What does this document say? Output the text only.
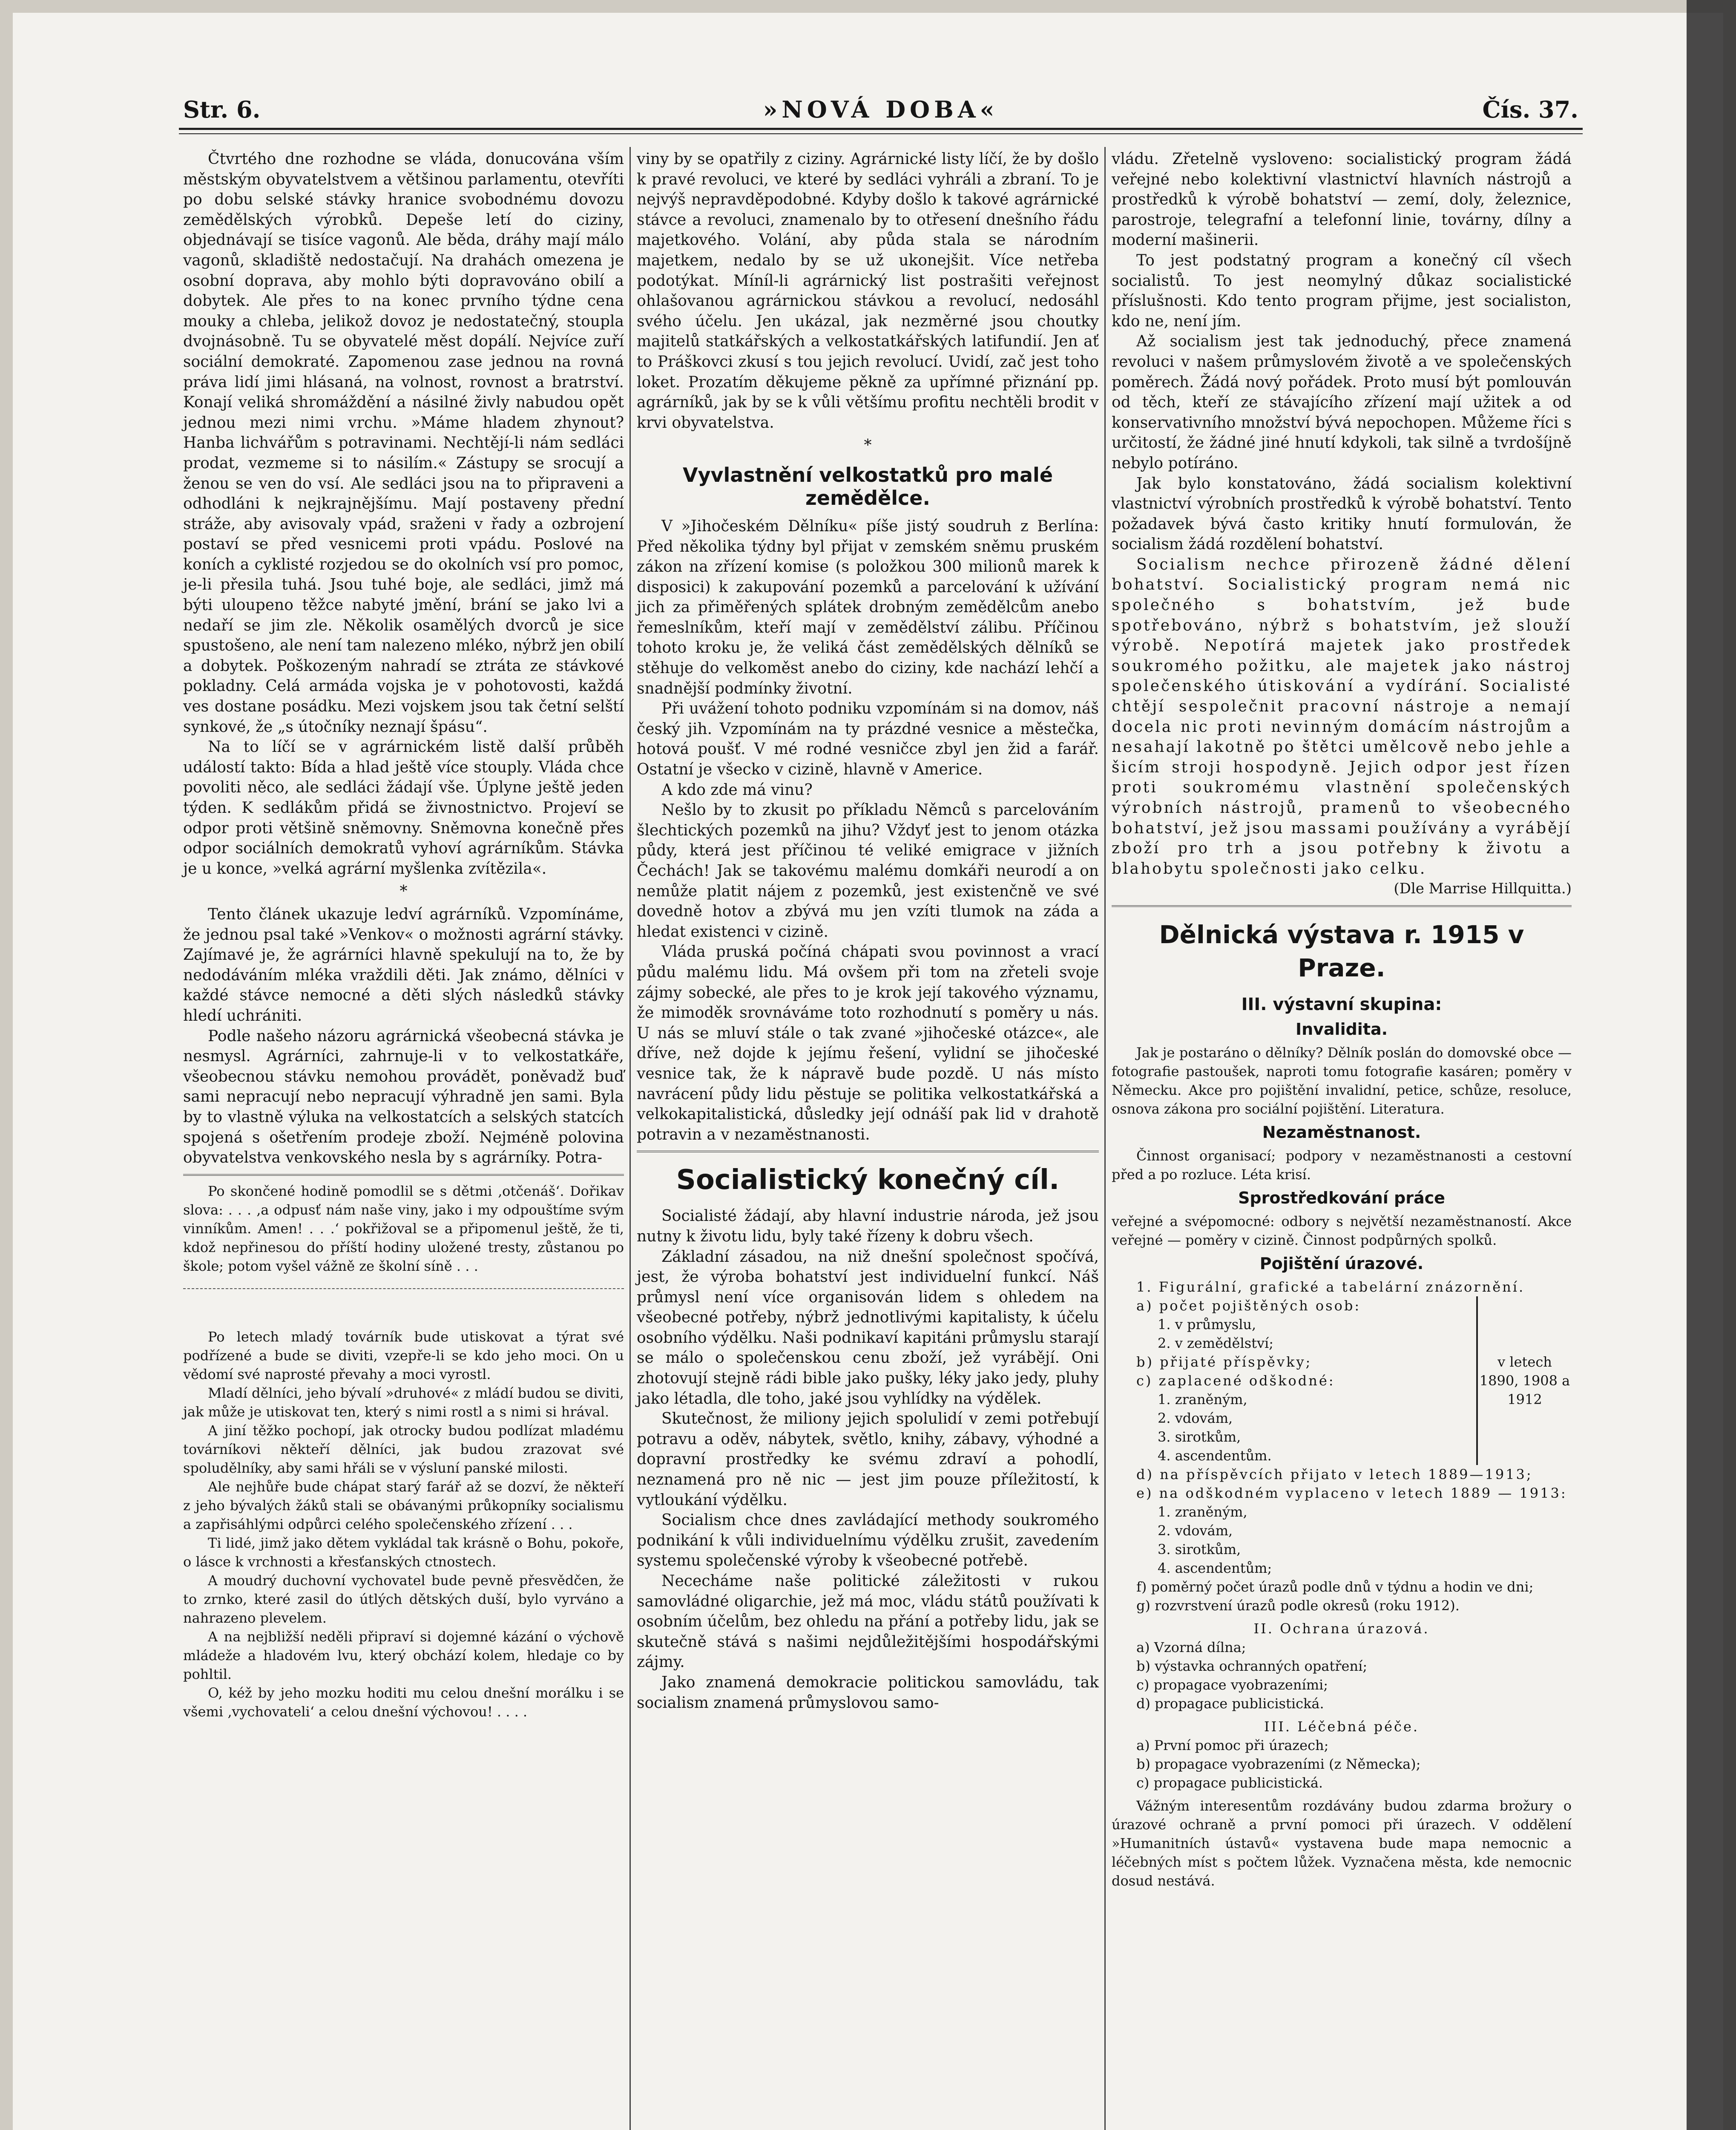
Str. 6.	»NOVÁ DOBA«	Čís. 37.

Čtvrtého dne rozhodne se vláda, donucována vším městským obyvatelstvem a většinou parlamentu, otevříti po dobu selské stávky hranice svobodnému dovozu zemědělských výrobků. Depeše letí do ciziny, objednávají se tisíce vagonů. Ale běda, dráhy mají málo vagonů, skladiště nedostačují. Na drahách omezena je osobní doprava, aby mohlo býti dopravováno obilí a dobytek. Ale přes to na konec prvního týdne cena mouky a chleba, jelikož dovoz je nedostatečný, stoupla dvojnásobně. Tu se obyvatelé měst dopálí. Nejvíce zuří sociální demokraté. Zapomenou zase jednou na rovná práva lidí jimi hlásaná, na volnost, rovnost a bratrství. Konají veliká shromáždění a násilné živly nabudou opět jednou mezi nimi vrchu. »Máme hladem zhynout? Hanba lichvářům s potravinami. Nechtějí-li nám sedláci prodat, vezmeme si to násilím.« Zástupy se srocují a ženou se ven do vsí. Ale sedláci jsou na to připraveni a odhodláni k nejkrajnějšímu. Mají postaveny přední stráže, aby avisovaly vpád, sraženi v řady a ozbrojení postaví se před vesnicemi proti vpádu. Poslové na koních a cyklisté rozjedou se do okolních vsí pro pomoc, je-li přesila tuhá. Jsou tuhé boje, ale sedláci, jimž má býti uloupeno těžce nabyté jmění, brání se jako lvi a nedaří se jim zle. Několik osamělých dvorců je sice spustošeno, ale není tam nalezeno mléko, nýbrž jen obilí a dobytek. Poškozeným nahradí se ztráta ze stávkové pokladny. Celá armáda vojska je v pohotovosti, každá ves dostane posádku. Mezi vojskem jsou tak četní selští synkové, že „s útočníky neznají špásu“.

Na to líčí se v agrárnickém listě další průběh událostí takto: Bída a hlad ještě více stouply. Vláda chce povoliti něco, ale sedláci žádají vše. Úplyne ještě jeden týden. K sedlákům přidá se živnostnictvo. Projeví se odpor proti většině sněmovny. Sněmovna konečně přes odpor sociálních demokratů vyhoví agrárníkům. Stávka je u konce, »velká agrární myšlenka zvítězila«.

*

Tento článek ukazuje ledví agrárníků. Vzpomínáme, že jednou psal také »Venkov« o možnosti agrární stávky. Zajímavé je, že agrárníci hlavně spekulují na to, že by nedodáváním mléka vraždili děti. Jak známo, dělníci v každé stávce nemocné a děti slých následků stávky hledí uchrániti.

Podle našeho názoru agrárnická všeobecná stávka je nesmysl. Agrárníci, zahrnuje-li v to velkostatkáře, všeobecnou stávku nemohou provádět, poněvadž buď sami nepracují nebo nepracují výhradně jen sami. Byla by to vlastně výluka na velkostatcích a selských statcích spojená s ošetřením prodeje zboží. Nejméně polovina obyvatelstva venkovského nesla by s agrárníky. Potra-

Po skončené hodině pomodlil se s dětmi ‚otčenáš‘. Dořikav slova: . . . ‚a odpusť nám naše viny, jako i my odpouštíme svým vinníkům. Amen! . . .‘ pokřižoval se a připomenul ještě, že ti, kdož nepřinesou do příští hodiny uložené tresty, zůstanou po škole; potom vyšel vážně ze školní síně . . .

Po letech mladý továrník bude utiskovat a týrat své podřízené a bude se diviti, vzepře-li se kdo jeho moci. On u vědomí své naprosté převahy a moci vyrostl.

Mladí dělníci, jeho bývalí »druhové« z mládí budou se diviti, jak může je utiskovat ten, který s nimi rostl a s nimi si hrával.

A jiní těžko pochopí, jak otrocky budou podlízat mladému továrníkovi někteří dělníci, jak budou zrazovat své spoludělníky, aby sami hřáli se v výsluní panské milosti.

Ale nejhůře bude chápat starý farář až se dozví, že někteří z jeho bývalých žáků stali se obávanými průkopníky socialismu a zapřisáhlými odpůrci celého společenského zřízení . . .

Ti lidé, jimž jako dětem vykládal tak krásně o Bohu, pokoře, o lásce k vrchnosti a křesťanských ctnostech.

A moudrý duchovní vychovatel bude pevně přesvědčen, že to zrnko, které zasil do útlých dětských duší, bylo vyrváno a nahrazeno plevelem.

A na nejbližší neděli připraví si dojemné kázání o výchově mládeže a hladovém lvu, který obchází kolem, hledaje co by pohltil.

O, kéž by jeho mozku hoditi mu celou dnešní morálku i se všemi ‚vychovateli‘ a celou dnešní výchovou! . . . .

viny by se opatřily z ciziny. Agrárnické listy líčí, že by došlo k pravé revoluci, ve které by sedláci vyhráli a zbraní. To je nejvýš nepravděpodobné. Kdyby došlo k takové agrárnické stávce a revoluci, znamenalo by to otřesení dnešního řádu majetkového. Volání, aby půda stala se národním majetkem, nedalo by se už ukonejšit. Více netřeba podotýkat. Míníl-li agrárnický list postrašiti veřejnost ohlašovanou agrárnickou stávkou a revolucí, nedosáhl svého účelu. Jen ukázal, jak nezměrné jsou choutky majitelů statkářských a velkostatkářských latifundií. Jen ať to Práškovci zkusí s tou jejich revolucí. Uvidí, zač jest toho loket. Prozatím děkujeme pěkně za upřímné přiznání pp. agrárníků, jak by se k vůli většímu profitu nechtěli brodit v krvi obyvatelstva.

*
Vyvlastnění velkostatků pro malé zemědělce.

V »Jihočeském Dělníku« píše jistý soudruh z Berlína: Před několika týdny byl přijat v zemském sněmu pruském zákon na zřízení komise (s položkou 300 milionů marek k disposici) k zakupování pozemků a parcelování k užívání jich za přiměřených splátek drobným zemědělcům anebo řemeslníkům, kteří mají v zemědělství zálibu. Příčinou tohoto kroku je, že veliká část zemědělských dělníků se stěhuje do velkoměst anebo do ciziny, kde nachází lehčí a snadnější podmínky životní.

Při uvážení tohoto podniku vzpomínám si na domov, náš český jih. Vzpomínám na ty prázdné vesnice a městečka, hotová poušť. V mé rodné vesničce zbyl jen žid a farář. Ostatní je všecko v cizině, hlavně v Americe.

A kdo zde má vinu?

Nešlo by to zkusit po příkladu Němců s parcelováním šlechtických pozemků na jihu? Vždyť jest to jenom otázka půdy, která jest příčinou té veliké emigrace v jižních Čechách! Jak se takovému malému domkáři neurodí a on nemůže platit nájem z pozemků, jest existenčně ve své dovedně hotov a zbývá mu jen vzíti tlumok na záda a hledat existenci v cizině.

Vláda pruská počíná chápati svou povinnost a vrací půdu malému lidu. Má ovšem při tom na zřeteli svoje zájmy sobecké, ale přes to je krok její takového významu, že mimoděk srovnáváme toto rozhodnutí s poměry u nás. U nás se mluví stále o tak zvané »jihočeské otázce«, ale dříve, než dojde k jejímu řešení, vylidní se jihočeské vesnice tak, že k nápravě bude pozdě. U nás místo navrácení půdy lidu pěstuje se politika velkostatkářská a velkokapitalistická, důsledky její odnáší pak lid v drahotě potravin a v nezaměstnanosti.

Socialistický konečný cíl.

Socialisté žádají, aby hlavní industrie národa, jež jsou nutny k životu lidu, byly také řízeny k dobru všech.

Základní zásadou, na niž dnešní společnost spočívá, jest, že výroba bohatství jest individuelní funkcí. Náš průmysl není více organisován lidem s ohledem na všeobecné potřeby, nýbrž jednotlivými kapitalisty, k účelu osobního výdělku. Naši podnikaví kapitáni průmyslu starají se málo o společenskou cenu zboží, jež vyrábějí. Oni zhotovují stejně rádi bible jako pušky, léky jako jedy, pluhy jako létadla, dle toho, jaké jsou vyhlídky na výdělek.

Skutečnost, že miliony jejich spolulidí v zemi potřebují potravu a oděv, nábytek, světlo, knihy, zábavy, výhodné a dopravní prostředky ke svému zdraví a pohodlí, neznamená pro ně nic — jest jim pouze příležitostí, k vytloukání výdělku.

Socialism chce dnes zavládající methody soukromého podnikání k vůli individuelnímu výdělku zrušit, zavedením systemu společenské výroby k všeobecné potřebě.

Nececháme naše politické záležitosti v rukou samovládné oligarchie, jež má moc, vládu států používati k osobním účelům, bez ohledu na přání a potřeby lidu, jak se skutečně stává s našimi nejdůležitějšími hospodářskými zájmy.

Jako znamená demokracie politickou samovládu, tak socialism znamená průmyslovou samo-

vládu. Zřetelně vysloveno: socialistický program žádá veřejné nebo kolektivní vlastnictví hlavních nástrojů a prostředků k výrobě bohatství — zemí, doly, železnice, parostroje, telegrafní a telefonní linie, továrny, dílny a moderní mašinerii.

To jest podstatný program a konečný cíl všech socialistů. To jest neomylný důkaz socialistické příslušnosti. Kdo tento program přijme, jest socialiston, kdo ne, není jím.

Až socialism jest tak jednoduchý, přece znamená revoluci v našem průmyslovém životě a ve společenských poměrech. Žádá nový pořádek. Proto musí být pomlouván od těch, kteří ze stávajícího zřízení mají užitek a od konservativního množství bývá nepochopen. Můžeme říci s určitostí, že žádné jiné hnutí kdykoli, tak silně a tvrdošíjně nebylo potíráno.

Jak bylo konstatováno, žádá socialism kolektivní vlastnictví výrobních prostředků k výrobě bohatství. Tento požadavek bývá často kritiky hnutí formulován, že socialism žádá rozdělení bohatství.

Socialism nechce přirozeně žádné dělení bohatství. Socialistický program nemá nic společného s bohatstvím, jež bude spotřebováno, nýbrž s bohatstvím, jež slouží výrobě. Nepotírá majetek jako prostředek soukromého požitku, ale majetek jako nástroj společenského útiskování a vydírání. Socialisté chtějí sespolečnit pracovní nástroje a nemají docela nic proti nevinným domácím nástrojům a nesahají lakotně po štětci umělcově nebo jehle a šicím stroji hospodyně. Jejich odpor jest řízen proti soukromému vlastnění společenských výrobních nástrojů, pramenů to všeobecného bohatství, jež jsou massami používány a vyrábějí zboží pro trh a jsou potřebny k životu a blahobytu společnosti jako celku.

(Dle Marrise Hillquitta.)
Dělnická výstava r. 1915 v Praze.
III. výstavní skupina:
Invalidita.

Jak je postaráno o dělníky? Dělník poslán do domovské obce — fotografie pastoušek, naproti tomu fotografie kasáren; poměry v Německu. Akce pro pojištění invalidní, petice, schůze, resoluce, osnova zákona pro sociální pojištění. Literatura.

Nezaměstnanost.

Činnost organisací; podpory v nezaměstnanosti a cestovní před a po rozluce. Léta krisí.

Sprostředkování práce

veřejné a svépomocné: odbory s největší nezaměstnaností. Akce veřejné — poměry v cizině. Činnost podpůrných spolků.

Pojištění úrazové.

1. Figurální, grafické a tabelární znázornění.

a) počet pojištěných osob:

1. v průmyslu,

2. v zemědělství;

b) přijaté příspěvky;

c) zaplacené odškodné:

1. zraněným,

2. vdovám,

3. sirotkům,

4. ascendentům.

v letech 1890, 1908 a 1912

d) na příspěvcích přijato v letech 1889—1913;

e) na odškodném vyplaceno v letech 1889 — 1913:

1. zraněným,

2. vdovám,

3. sirotkům,

4. ascendentům;

f) poměrný počet úrazů podle dnů v týdnu a hodin ve dni;

g) rozvrstvení úrazů podle okresů (roku 1912).

II. Ochrana úrazová.

a) Vzorná dílna;

b) výstavka ochranných opatření;

c) propagace vyobrazeními;

d) propagace publicistická.

III. Léčebná péče.

a) První pomoc při úrazech;

b) propagace vyobrazeními (z Německa);

c) propagace publicistická.

Vážným interesentům rozdávány budou zdarma brožury o úrazové ochraně a první pomoci při úrazech. V oddělení »Humanitních ústavů« vystavena bude mapa nemocnic a léčebných míst s počtem lůžek. Vyznačena města, kde nemocnic dosud nestává.
